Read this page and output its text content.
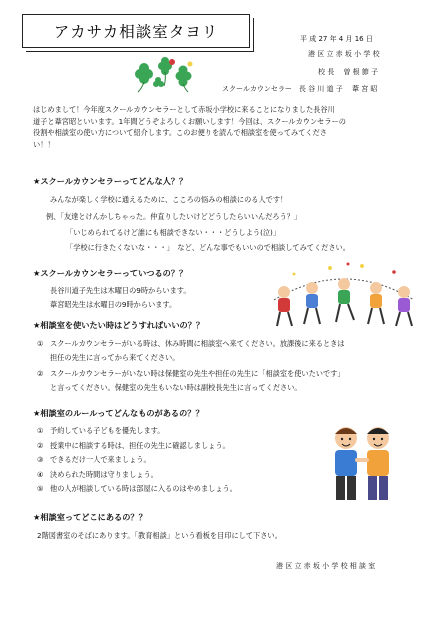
アカサカ相談室タヨリ	平 成 27 年 4 月 16 日
港 区 立 赤 坂 小 学 校
校 長　 曽 根 節 子
スクールカウンセラー　長 谷 川 道 子　 葦 宮 昭
はじめまして！今年度スクールカウンセラーとして赤坂小学校に来ることになりました長谷川
道子と葦宮昭といいます。1年間どうぞよろしくお願いします！今回は、スクールカウンセラーの
役割や相談室の使い方について紹介します。このお便りを読んで相談室を使ってみてくださ
い！！
★スクールカウンセラーってどんな人？？
みんなが楽しく学校に通えるために、こころの悩みの相談にのる人です！
例、「友達とけんかしちゃった。仲直りしたいけどどうしたらいいんだろう？」
「いじめられてるけど誰にも相談できない・・・どうしよう(泣)」
「学校に行きたくないな・・・」　など、どんな事でもいいので相談してみてください。
★スクールカウンセラーっていつるの？？
長谷川道子先生は木曜日の9時からいます。
葦宮昭先生は水曜日の9時からいます。
★相談室を使いたい時はどうすればいいの？？
① スクールカウンセラーがいる時は、休み時間に相談室へ来てください。放課後に来るときは
担任の先生に言ってから来てください。
② スクールカウンセラーがいない時は保健室の先生や担任の先生に「相談室を使いたいです」
と言ってください。保健室の先生もいない時は副校長先生に言ってください。
★相談室のルールってどんなものがあるの？？
① 予約している子どもを優先します。
② 授業中に相談する時は、担任の先生に確認しましょう。
③ できるだけ一人で来ましょう。
④ 決められた時間は守りましょう。
⑤ 他の人が相談している時は部屋に入るのはやめましょう。
★相談室ってどこにあるの？？
2階図書室のそばにあります。「教育相談」という看板を目印にして下さい。
港 区 立 赤 坂 小 学 校 相 談 室
